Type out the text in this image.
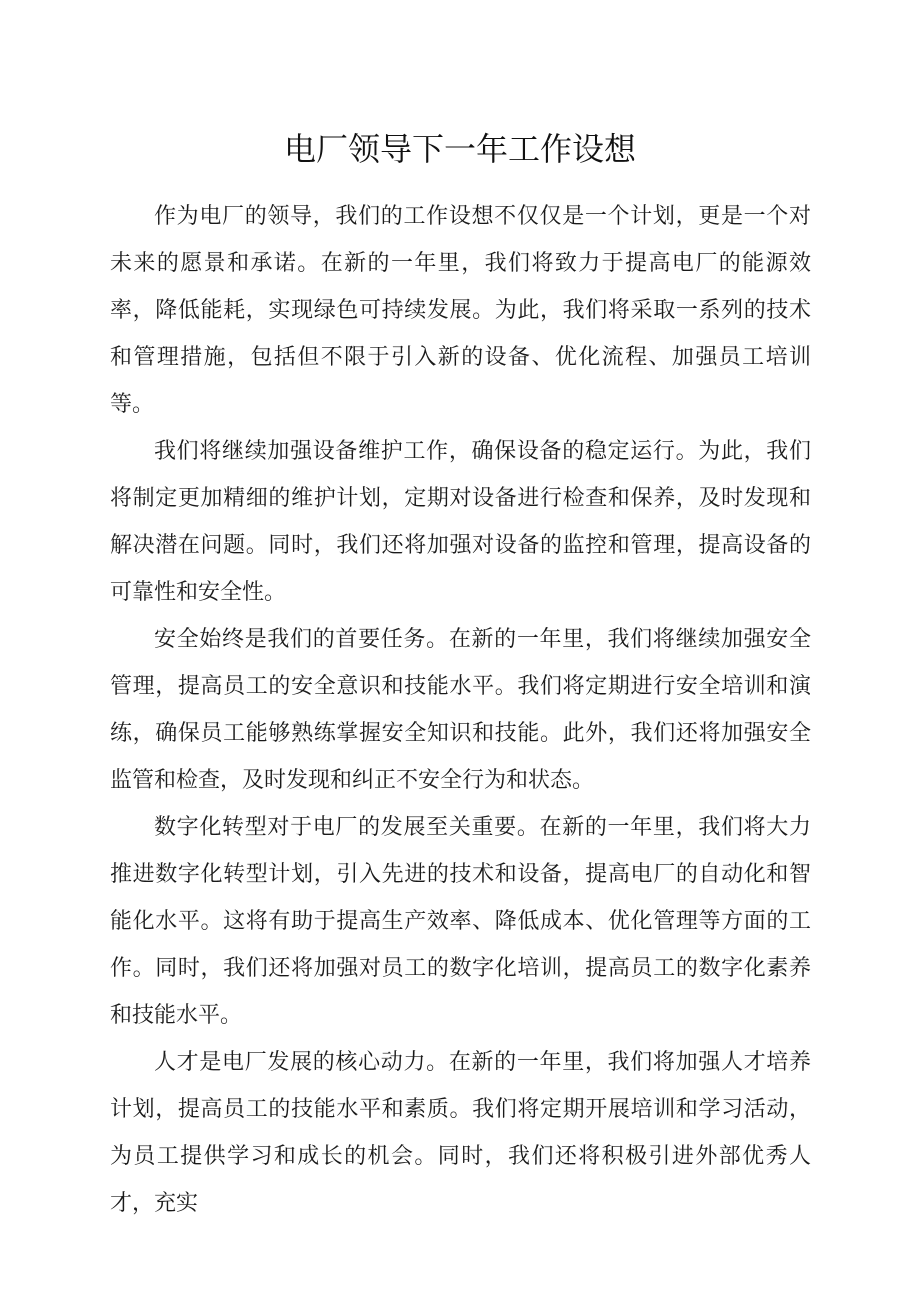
电厂领导下一年工作设想

作为电厂的领导，我们的工作设想不仅仅是一个计划，更是一个对未来的愿景和承诺。在新的一年里，我们将致力于提高电厂的能源效率，降低能耗，实现绿色可持续发展。为此，我们将采取一系列的技术和管理措施，包括但不限于引入新的设备、优化流程、加强员工培训等。

我们将继续加强设备维护工作，确保设备的稳定运行。为此，我们将制定更加精细的维护计划，定期对设备进行检查和保养，及时发现和解决潜在问题。同时，我们还将加强对设备的监控和管理，提高设备的可靠性和安全性。

安全始终是我们的首要任务。在新的一年里，我们将继续加强安全管理，提高员工的安全意识和技能水平。我们将定期进行安全培训和演练，确保员工能够熟练掌握安全知识和技能。此外，我们还将加强安全监管和检查，及时发现和纠正不安全行为和状态。

数字化转型对于电厂的发展至关重要。在新的一年里，我们将大力推进数字化转型计划，引入先进的技术和设备，提高电厂的自动化和智能化水平。这将有助于提高生产效率、降低成本、优化管理等方面的工作。同时，我们还将加强对员工的数字化培训，提高员工的数字化素养和技能水平。

人才是电厂发展的核心动力。在新的一年里，我们将加强人才培养计划，提高员工的技能水平和素质。我们将定期开展培训和学习活动，为员工提供学习和成长的机会。同时，我们还将积极引进外部优秀人才，充实
